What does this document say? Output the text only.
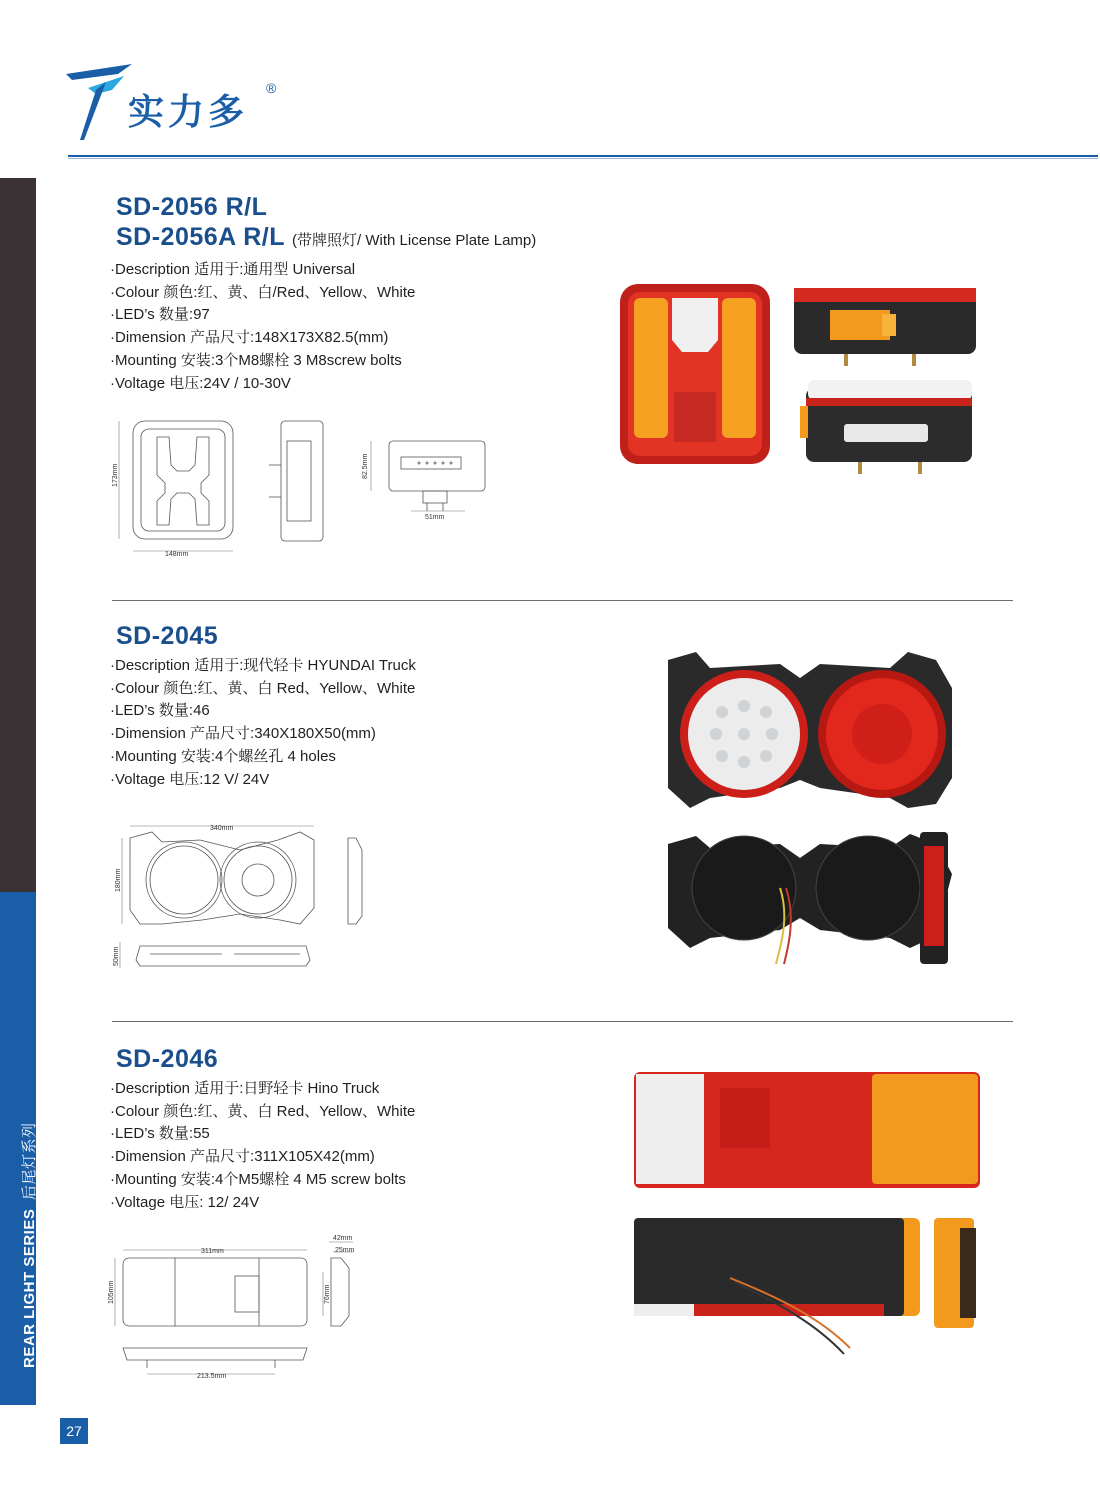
实力多
®
REAR LIGHT SERIES 后尾灯系列
27
SD-2056 R/L
SD-2056A R/L (带牌照灯/ With License Plate Lamp)
·Description 适用于:通用型 Universal
·Colour 颜色:红、黄、白/Red、Yellow、White
·LED’s 数量:97
·Dimension 产品尺寸:148X173X82.5(mm)
·Mounting 安装:3个M8螺栓 3 M8screw bolts
·Voltage 电压:24V / 10-30V
173mm
148mm
82.5mm
51mm
SD-2045
·Description 适用于:现代轻卡 HYUNDAI Truck
·Colour 颜色:红、黄、白 Red、Yellow、White
·LED’s 数量:46
·Dimension 产品尺寸:340X180X50(mm)
·Mounting 安装:4个螺丝孔 4 holes
·Voltage 电压:12 V/ 24V
340mm
180mm
50mm
SD-2046
·Description 适用于:日野轻卡 Hino Truck
·Colour 颜色:红、黄、白 Red、Yellow、White
·LED’s 数量:55
·Dimension 产品尺寸:311X105X42(mm)
·Mounting 安装:4个M5螺栓 4 M5 screw bolts
·Voltage 电压: 12/ 24V
311mm
105mm
42mm
25mm
76mm
213.5mm
